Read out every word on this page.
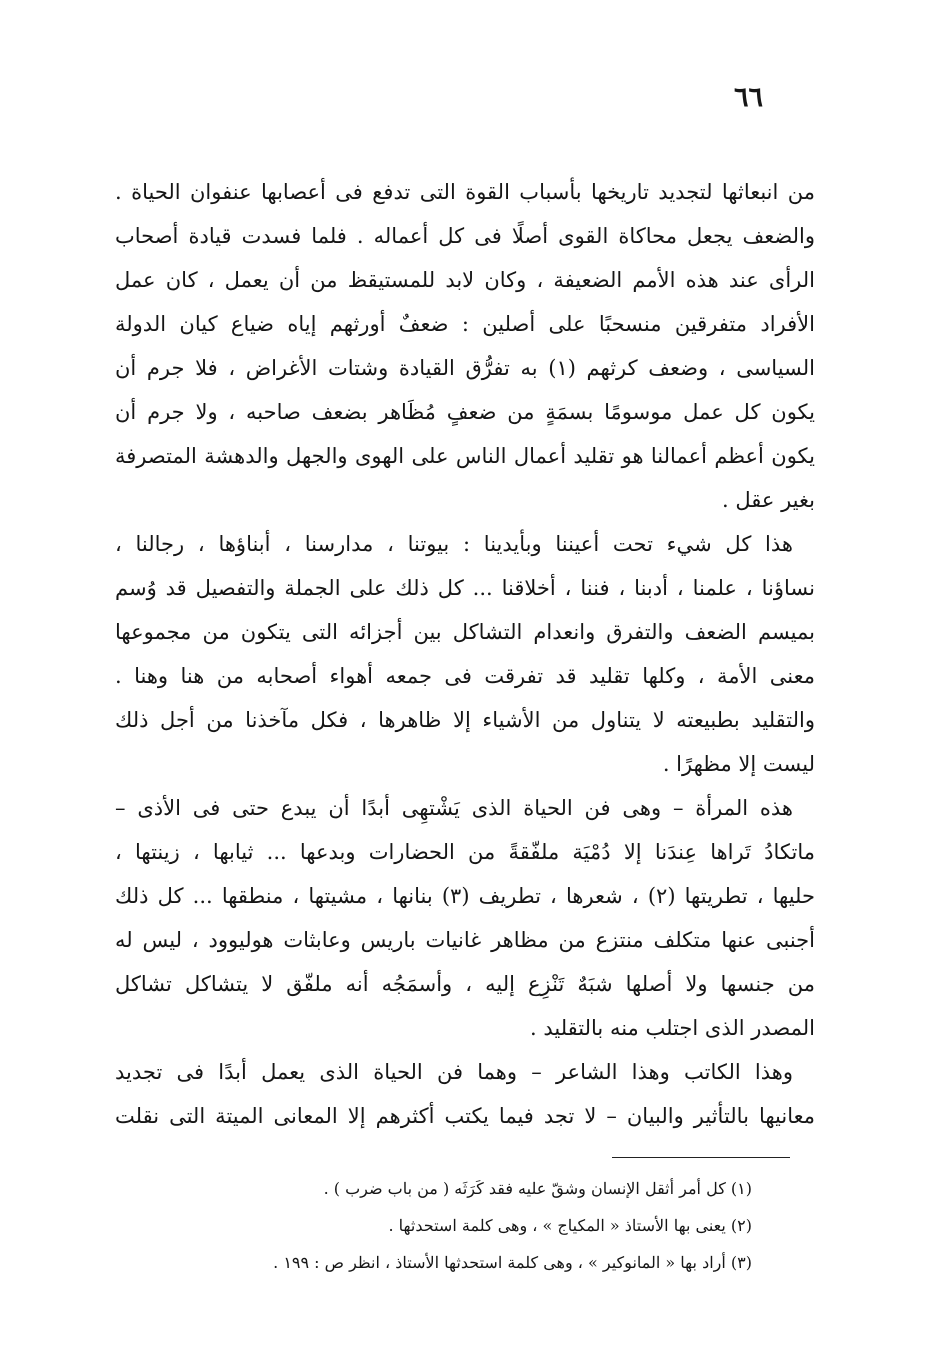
٦٦

من انبعاثها لتجديد تاريخها بأسباب القوة التى تدفع فى أعصابها عنفوان الحياة .
والضعف يجعل محاكاة القوى أصلًا فى كل أعماله . فلما فسدت قيادة أصحاب
الرأى عند هذه الأمم الضعيفة ، وكان لابد للمستيقظ من أن يعمل ، كان عمل
الأفراد متفرقين منسحبًا على أصلين : ضعفٌ أورثهم إياه ضياع كيان الدولة
السياسى ، وضعف كرثهم (١) به تفرُّق القيادة وشتات الأغراض ، فلا جرم أن
يكون كل عمل موسومًا بسمَةٍ من ضعفٍ مُظَاهر بضعف صاحبه ، ولا جرم أن
يكون أعظم أعمالنا هو تقليد أعمال الناس على الهوى والجهل والدهشة المتصرفة
بغير عقل .

هذا كل شيء تحت أعيننا وبأيدينا : بيوتنا ، مدارسنا ، أبناؤها ، رجالنا ،
نساؤنا ، علمنا ، أدبنا ، فننا ، أخلاقنا ... كل ذلك على الجملة والتفصيل قد وُسم
بميسم الضعف والتفرق وانعدام التشاكل بين أجزائه التى يتكون من مجموعها
معنى الأمة ، وكلها تقليد قد تفرقت فى جمعه أهواء أصحابه من هنا وهنا .
والتقليد بطبيعته لا يتناول من الأشياء إلا ظاهرها ، فكل مآخذنا من أجل ذلك
ليست إلا مظهرًا .

هذه المرأة – وهى فن الحياة الذى يَشْتهِى أبدًا أن يبدع حتى فى الأذى –
ماتكادُ تَراها عِندَنا إلا دُمْيَة ملفّقةً من الحضارات وبدعها ... ثيابها ، زينتها ،
حليها ، تطريتها (٢) ، شعرها ، تطريف (٣) بنانها ، مشيتها ، منطقها ... كل ذلك
أجنبى عنها متكلف منتزع من مظاهر غانيات باريس وعابثات هوليوود ، ليس له
من جنسها ولا أصلها شبَهٌ تَنْزِع إليه ، وأسمَجُه أنه ملفّق لا يتشاكل تشاكل
المصدر الذى اجتلب منه بالتقليد .

وهذا الكاتب وهذا الشاعر – وهما فن الحياة الذى يعمل أبدًا فى تجديد
معانيها بالتأثير والبيان – لا تجد فيما يكتب أكثرهم إلا المعانى الميتة التى نقلت

(١) كل أمر أثقل الإنسان وشقّ عليه فقد كَرَثَه ( من باب ضرب ) .
(٢) يعنى بها الأستاذ « المكياج » ، وهى كلمة استحدثها .
(٣) أراد بها « المانوكير » ، وهى كلمة استحدثها الأستاذ ، انظر ص : ١٩٩ .
